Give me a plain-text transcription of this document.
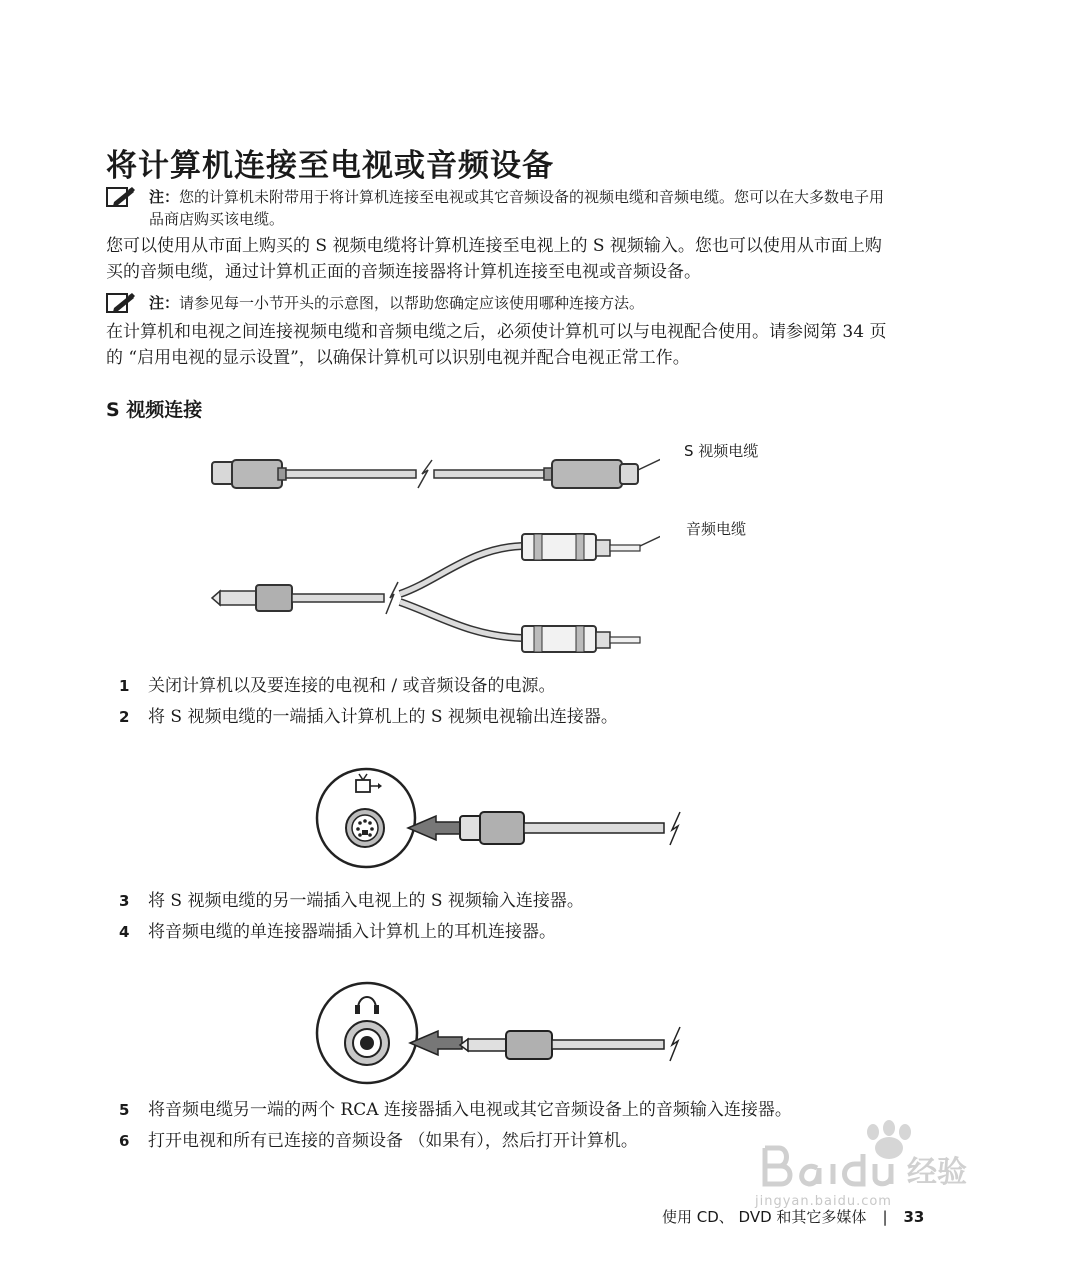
将计算机连接至电视或音频设备
注：您的计算机未附带用于将计算机连接至电视或其它音频设备的视频电缆和音频电缆。您可以在大多数电子用品商店购买该电缆。
您可以使用从市面上购买的 S 视频电缆将计算机连接至电视上的 S 视频输入。您也可以使用从市面上购买的音频电缆，通过计算机正面的音频连接器将计算机连接至电视或音频设备。
注：请参见每一小节开头的示意图，以帮助您确定应该使用哪种连接方法。
在计算机和电视之间连接视频电缆和音频电缆之后，必须使计算机可以与电视配合使用。请参阅第 34 页的 “启用电视的显示设置”，以确保计算机可以识别电视并配合电视正常工作。
S 视频连接
S 视频电缆
音频电缆
1 关闭计算机以及要连接的电视和 / 或音频设备的电源。
2 将 S 视频电缆的一端插入计算机上的 S 视频电视输出连接器。
3 将 S 视频电缆的另一端插入电视上的 S 视频输入连接器。
4 将音频电缆的单连接器端插入计算机上的耳机连接器。
5 将音频电缆另一端的两个 RCA 连接器插入电视或其它音频设备上的音频输入连接器。
6 打开电视和所有已连接的音频设备 （如果有），然后打开计算机。
经验
jingyan.baidu.com
使用 CD、 DVD 和其它多媒体 | 33
